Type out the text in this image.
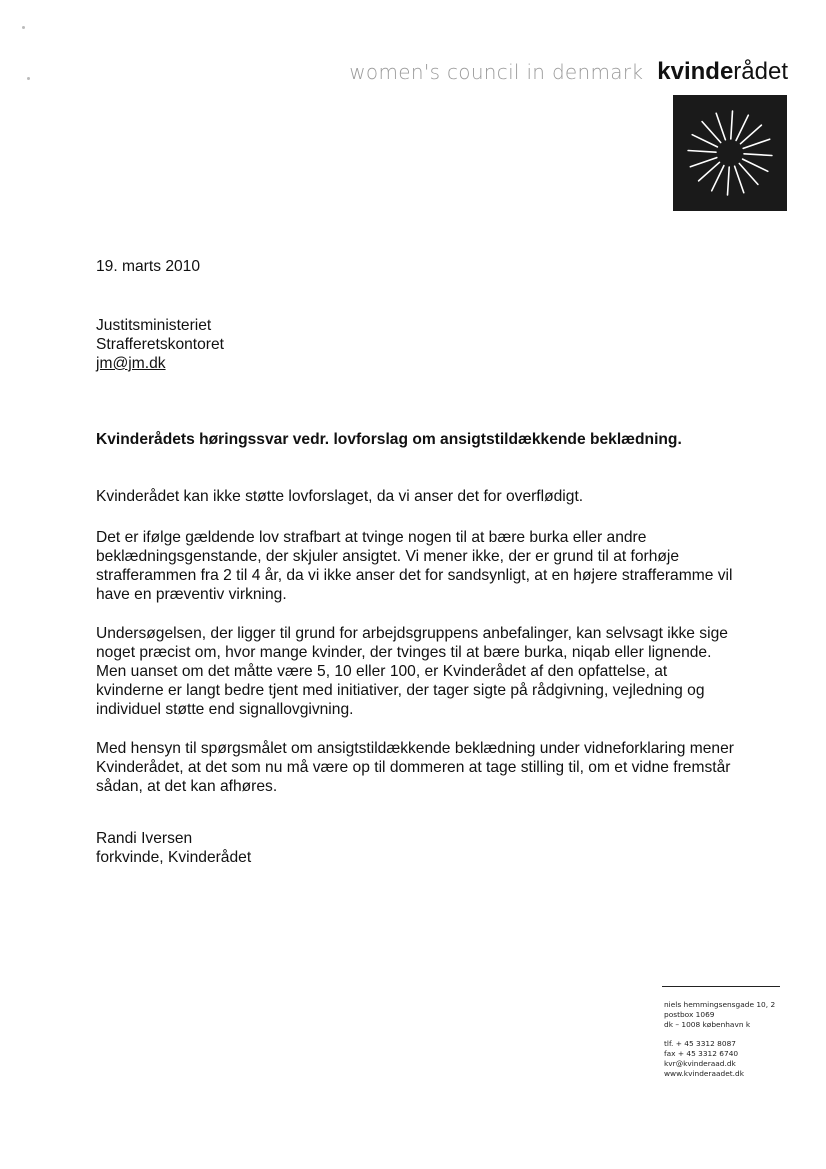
women's council in denmark kvinderådet
19. marts 2010
Justitsministeriet
Strafferetskontoret
jm@jm.dk
Kvinderådets høringssvar vedr. lovforslag om ansigtstildækkende beklædning.
Kvinderådet kan ikke støtte lovforslaget, da vi anser det for overflødigt.
Det er ifølge gældende lov strafbart at tvinge nogen til at bære burka eller andre beklædningsgenstande, der skjuler ansigtet. Vi mener ikke, der er grund til at forhøje strafferammen fra 2 til 4 år, da vi ikke anser det for sandsynligt, at en højere strafferamme vil have en præventiv virkning.
Undersøgelsen, der ligger til grund for arbejdsgruppens anbefalinger, kan selvsagt ikke sige noget præcist om, hvor mange kvinder, der tvinges til at bære burka, niqab eller lignende. Men uanset om det måtte være 5, 10 eller 100, er Kvinderådet af den opfattelse, at kvinderne er langt bedre tjent med initiativer, der tager sigte på rådgivning, vejledning og individuel støtte end signallovgivning.
Med hensyn til spørgsmålet om ansigtstildækkende beklædning under vidneforklaring mener Kvinderådet, at det som nu må være op til dommeren at tage stilling til, om et vidne fremstår sådan, at det kan afhøres.
Randi Iversen
forkvinde, Kvinderådet
niels hemmingsensgade 10, 2
postbox 1069
dk – 1008 københavn k
tlf. + 45 3312 8087
fax + 45 3312 6740
kvr@kvinderaad.dk
www.kvinderaadet.dk
